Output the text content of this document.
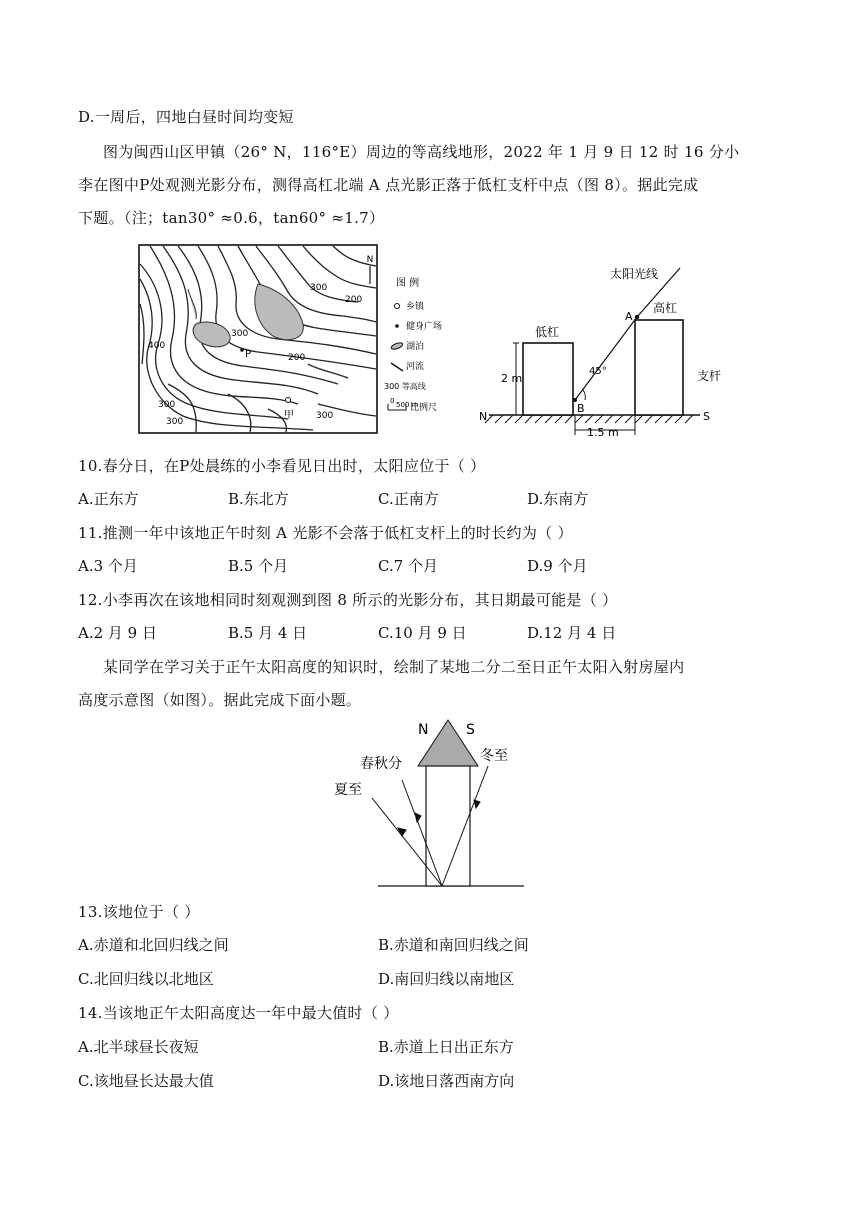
D.一周后，四地白昼时间均变短
图为闽西山区甲镇（26° N，116°E）周边的等高线地形，2022 年 1 月 9 日 12 时 16 分小
李在图中P处观测光影分布，测得高杠北端 A 点光影正落于低杠支杆中点（图 8）。据此完成
下题。（注；tan30° ≈0.6，tan60° ≈1.7）
N
300
200
300
200
400
300
300
300
P
甲
图 例
乡镇
健身广场
湖泊
河流
300 等高线
0 500 m
比例尺
太阳光线
高杠
低杠
支杆
A
B
45°
2 m
1.5 m
N	S
10.春分日，在P处晨练的小李看见日出时，太阳应位于（ ）
A.正东方	B.东北方	C.正南方	D.东南方
11.推测一年中该地正午时刻 A 光影不会落于低杠支杆上的时长约为（ ）
A.3 个月	B.5 个月	C.7 个月	D.9 个月
12.小李再次在该地相同时刻观测到图 8 所示的光影分布，其日期最可能是（ ）
A.2 月 9 日	B.5 月 4 日	C.10 月 9 日	D.12 月 4 日
某同学在学习关于正午太阳高度的知识时，绘制了某地二分二至日正午太阳入射房屋内
高度示意图（如图）。据此完成下面小题。
N	S
春秋分	冬至
夏至
13.该地位于（ ）
A.赤道和北回归线之间	B.赤道和南回归线之间
C.北回归线以北地区	D.南回归线以南地区
14.当该地正午太阳高度达一年中最大值时（ ）
A.北半球昼长夜短	B.赤道上日出正东方
C.该地昼长达最大值	D.该地日落西南方向
